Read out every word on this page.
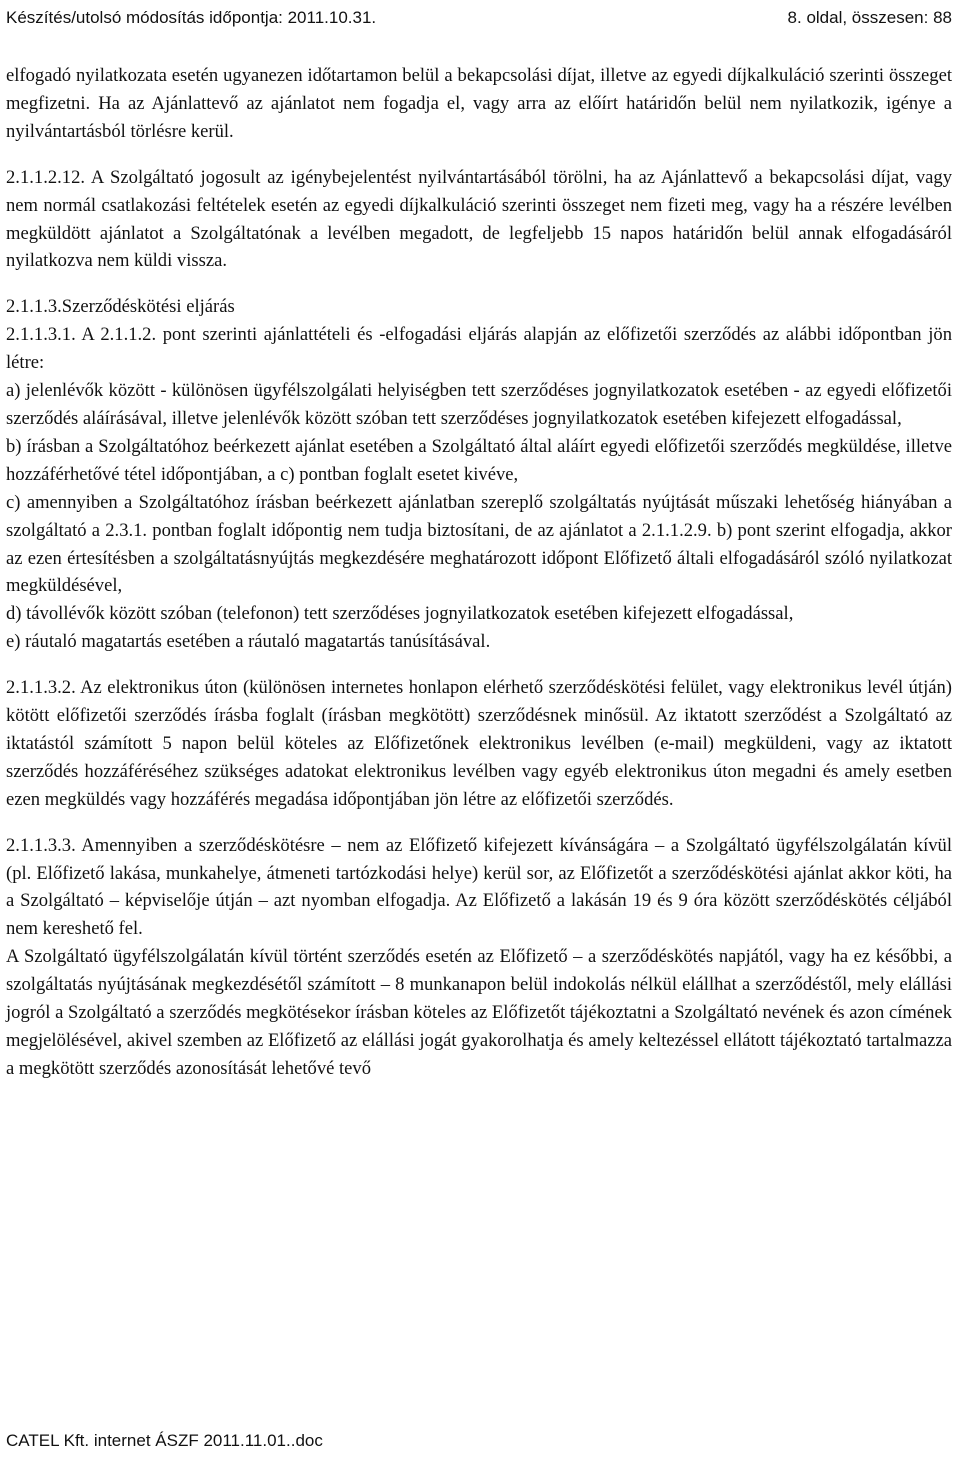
Készítés/utolsó módosítás időpontja: 2011.10.31.	8. oldal, összesen: 88

elfogadó nyilatkozata esetén ugyanezen időtartamon belül a bekapcsolási díjat, illetve az egyedi díjkalkuláció szerinti összeget megfizetni. Ha az Ajánlattevő az ajánlatot nem fogadja el, vagy arra az előírt határidőn belül nem nyilatkozik, igénye a nyilvántartásból törlésre kerül.

2.1.1.2.12. A Szolgáltató jogosult az igénybejelentést nyilvántartásából törölni, ha az Ajánlattevő a bekapcsolási díjat, vagy nem normál csatlakozási feltételek esetén az egyedi díjkalkuláció szerinti összeget nem fizeti meg, vagy ha a részére levélben megküldött ajánlatot a Szolgáltatónak a levélben megadott, de legfeljebb 15 napos határidőn belül annak elfogadásáról nyilatkozva nem küldi vissza.

2.1.1.3.Szerződéskötési eljárás

2.1.1.3.1. A 2.1.1.2. pont szerinti ajánlattételi és -elfogadási eljárás alapján az előfizetői szerződés az alábbi időpontban jön létre:

a) jelenlévők között - különösen ügyfélszolgálati helyiségben tett szerződéses jognyilatkozatok esetében - az egyedi előfizetői szerződés aláírásával, illetve jelenlévők között szóban tett szerződéses jognyilatkozatok esetében kifejezett elfogadással,

b) írásban a Szolgáltatóhoz beérkezett ajánlat esetében a Szolgáltató által aláírt egyedi előfizetői szerződés megküldése, illetve hozzáférhetővé tétel időpontjában, a c) pontban foglalt esetet kivéve,

c) amennyiben a Szolgáltatóhoz írásban beérkezett ajánlatban szereplő szolgáltatás nyújtását műszaki lehetőség hiányában a szolgáltató a 2.3.1. pontban foglalt időpontig nem tudja biztosítani, de az ajánlatot a 2.1.1.2.9. b) pont szerint elfogadja, akkor az ezen értesítésben a szolgáltatásnyújtás megkezdésére meghatározott időpont Előfizető általi elfogadásáról szóló nyilatkozat megküldésével,

d) távollévők között szóban (telefonon) tett szerződéses jognyilatkozatok esetében kifejezett elfogadással,

e) ráutaló magatartás esetében a ráutaló magatartás tanúsításával.

2.1.1.3.2. Az elektronikus úton (különösen internetes honlapon elérhető szerződéskötési felület, vagy elektronikus levél útján) kötött előfizetői szerződés írásba foglalt (írásban megkötött) szerződésnek minősül. Az iktatott szerződést a Szolgáltató az iktatástól számított 5 napon belül köteles az Előfizetőnek elektronikus levélben (e-mail) megküldeni, vagy az iktatott szerződés hozzáféréséhez szükséges adatokat elektronikus levélben vagy egyéb elektronikus úton megadni és amely esetben ezen megküldés vagy hozzáférés megadása időpontjában jön létre az előfizetői szerződés.

2.1.1.3.3. Amennyiben a szerződéskötésre – nem az Előfizető kifejezett kívánságára – a Szolgáltató ügyfélszolgálatán kívül (pl. Előfizető lakása, munkahelye, átmeneti tartózkodási helye) kerül sor, az Előfizetőt a szerződéskötési ajánlat akkor köti, ha a Szolgáltató – képviselője útján – azt nyomban elfogadja. Az Előfizető a lakásán 19 és 9 óra között szerződéskötés céljából nem kereshető fel.

A Szolgáltató ügyfélszolgálatán kívül történt szerződés esetén az Előfizető – a szerződéskötés napjától, vagy ha ez későbbi, a szolgáltatás nyújtásának megkezdésétől számított – 8 munkanapon belül indokolás nélkül elállhat a szerződéstől, mely elállási jogról a Szolgáltató a szerződés megkötésekor írásban köteles az Előfizetőt tájékoztatni a Szolgáltató nevének és azon címének megjelölésével, akivel szemben az Előfizető az elállási jogát gyakorolhatja és amely keltezéssel ellátott tájékoztató tartalmazza a megkötött szerződés azonosítását lehetővé tevő

CATEL Kft. internet ÁSZF 2011.11.01..doc
